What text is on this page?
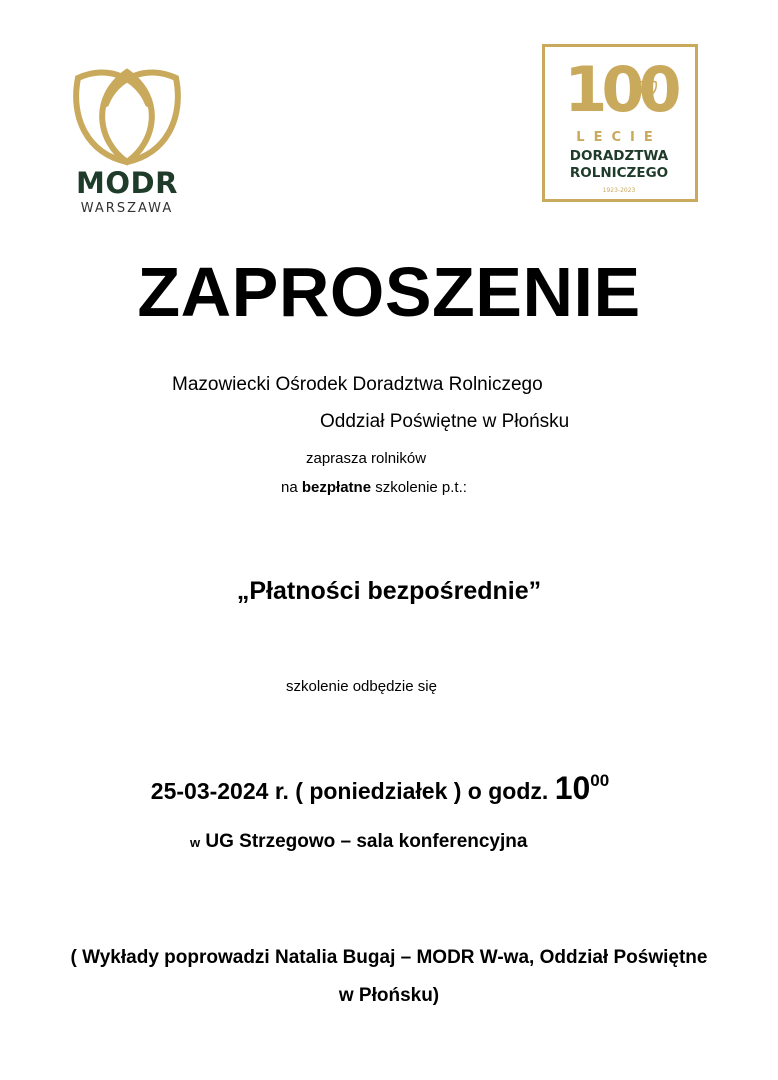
MODR
WARSZAWA
100
LECIE
DORADZTWA
ROLNICZEGO
1923-2023
ZAPROSZENIE
Mazowiecki Ośrodek Doradztwa Rolniczego
Oddział Poświętne w Płońsku
zaprasza rolników
na bezpłatne szkolenie p.t.:
„Płatności bezpośrednie”
szkolenie odbędzie się
25-03-2024 r. ( poniedziałek ) o godz. $10^{00}$
w UG Strzegowo – sala konferencyjna
( Wykłady poprowadzi Natalia Bugaj – MODR W-wa, Oddział Poświętne
w Płońsku)
